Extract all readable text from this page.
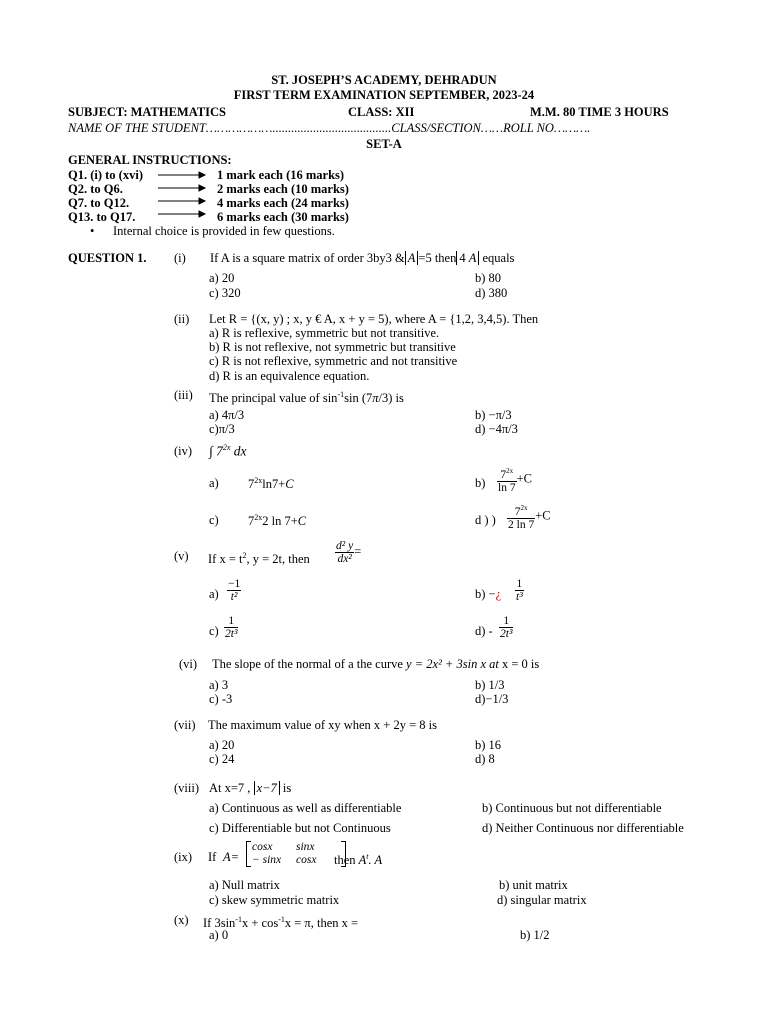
ST. JOSEPH’S ACADEMY, DEHRADUN
FIRST TERM EXAMINATION SEPTEMBER, 2023-24
SUBJECT: MATHEMATICS	CLASS: XII	M.M. 80 TIME 3 HOURS
NAME OF THE STUDENT………………......................................CLASS/SECTION……ROLL NO……….
SET-A
GENERAL INSTRUCTIONS:
Q1. (i) to (xvi)	1 mark each (16 marks)
Q2. to Q6.	2 marks each (10 marks)
Q7. to Q12.	4 marks each (24 marks)
Q13. to Q17.	6 marks each (30 marks)
• Internal choice is provided in few questions.
QUESTION 1. (i) If A is a square matrix of order 3by3 & A =5 then 4 A equals
a) 20	b) 80
c) 320	d) 380
(ii) Let R = {(x, y) ; x, y € A, x + y = 5), where A = {1,2, 3,4,5). Then
a) R is reflexive, symmetric but not transitive.
b) R is not reflexive, not symmetric but transitive
c) R is not reflexive, symmetric and not transitive
d) R is an equivalence equation.
(iii) The principal value of $\sin^{-1}\sin$ (7π/3) is
a) 4π/3	b) −π/3
c)π/3	d) −4π/3
(iv) ∫ $7^{2x}$ dx
a) $7^{2x}\ln 7+C$	$b) \frac{7^{2x}}{\ln 7} +C$
c) $7^{2x}2$ ln 7+C	d ) ) $\frac{7^{2x}}{2 \ln 7} +C$
(v) If $x = t^2$, y = 2t, then $\frac{\text{d² y}}{\text{dx²}}$ =
$a) \frac{-1}{\text{t²}}$	b) −¿ $\frac{1}{\text{t³}}$
$c) \frac{1}{\text{2t³}}$	$d) - \frac{1}{\text{2t³}}$
(vi) The slope of the normal of a the curve y = 2x² + 3sin x at x = 0 is
a) 3	b) 1/3
c) -3	d)−1/3
(vii) The maximum value of xy when x + 2y = 8 is
a) 20	b) 16
c) 24	d) 8
(viii) At x=7 , x−7 is
a) Continuous as well as differentiable	b) Continuous but not differentiable
c) Differentiable but not Continuous	d) Neither Continuous nor differentiable
(ix) If A=
cosx sinx
− sinx cosx	then $A^t$. A
a) Null matrix	b) unit matrix
c) skew symmetric matrix	d) singular matrix
(x) If $3\sin^{-1}x + \cos^{-1}x = \pi$, then x =
a) 0	b) 1/2
